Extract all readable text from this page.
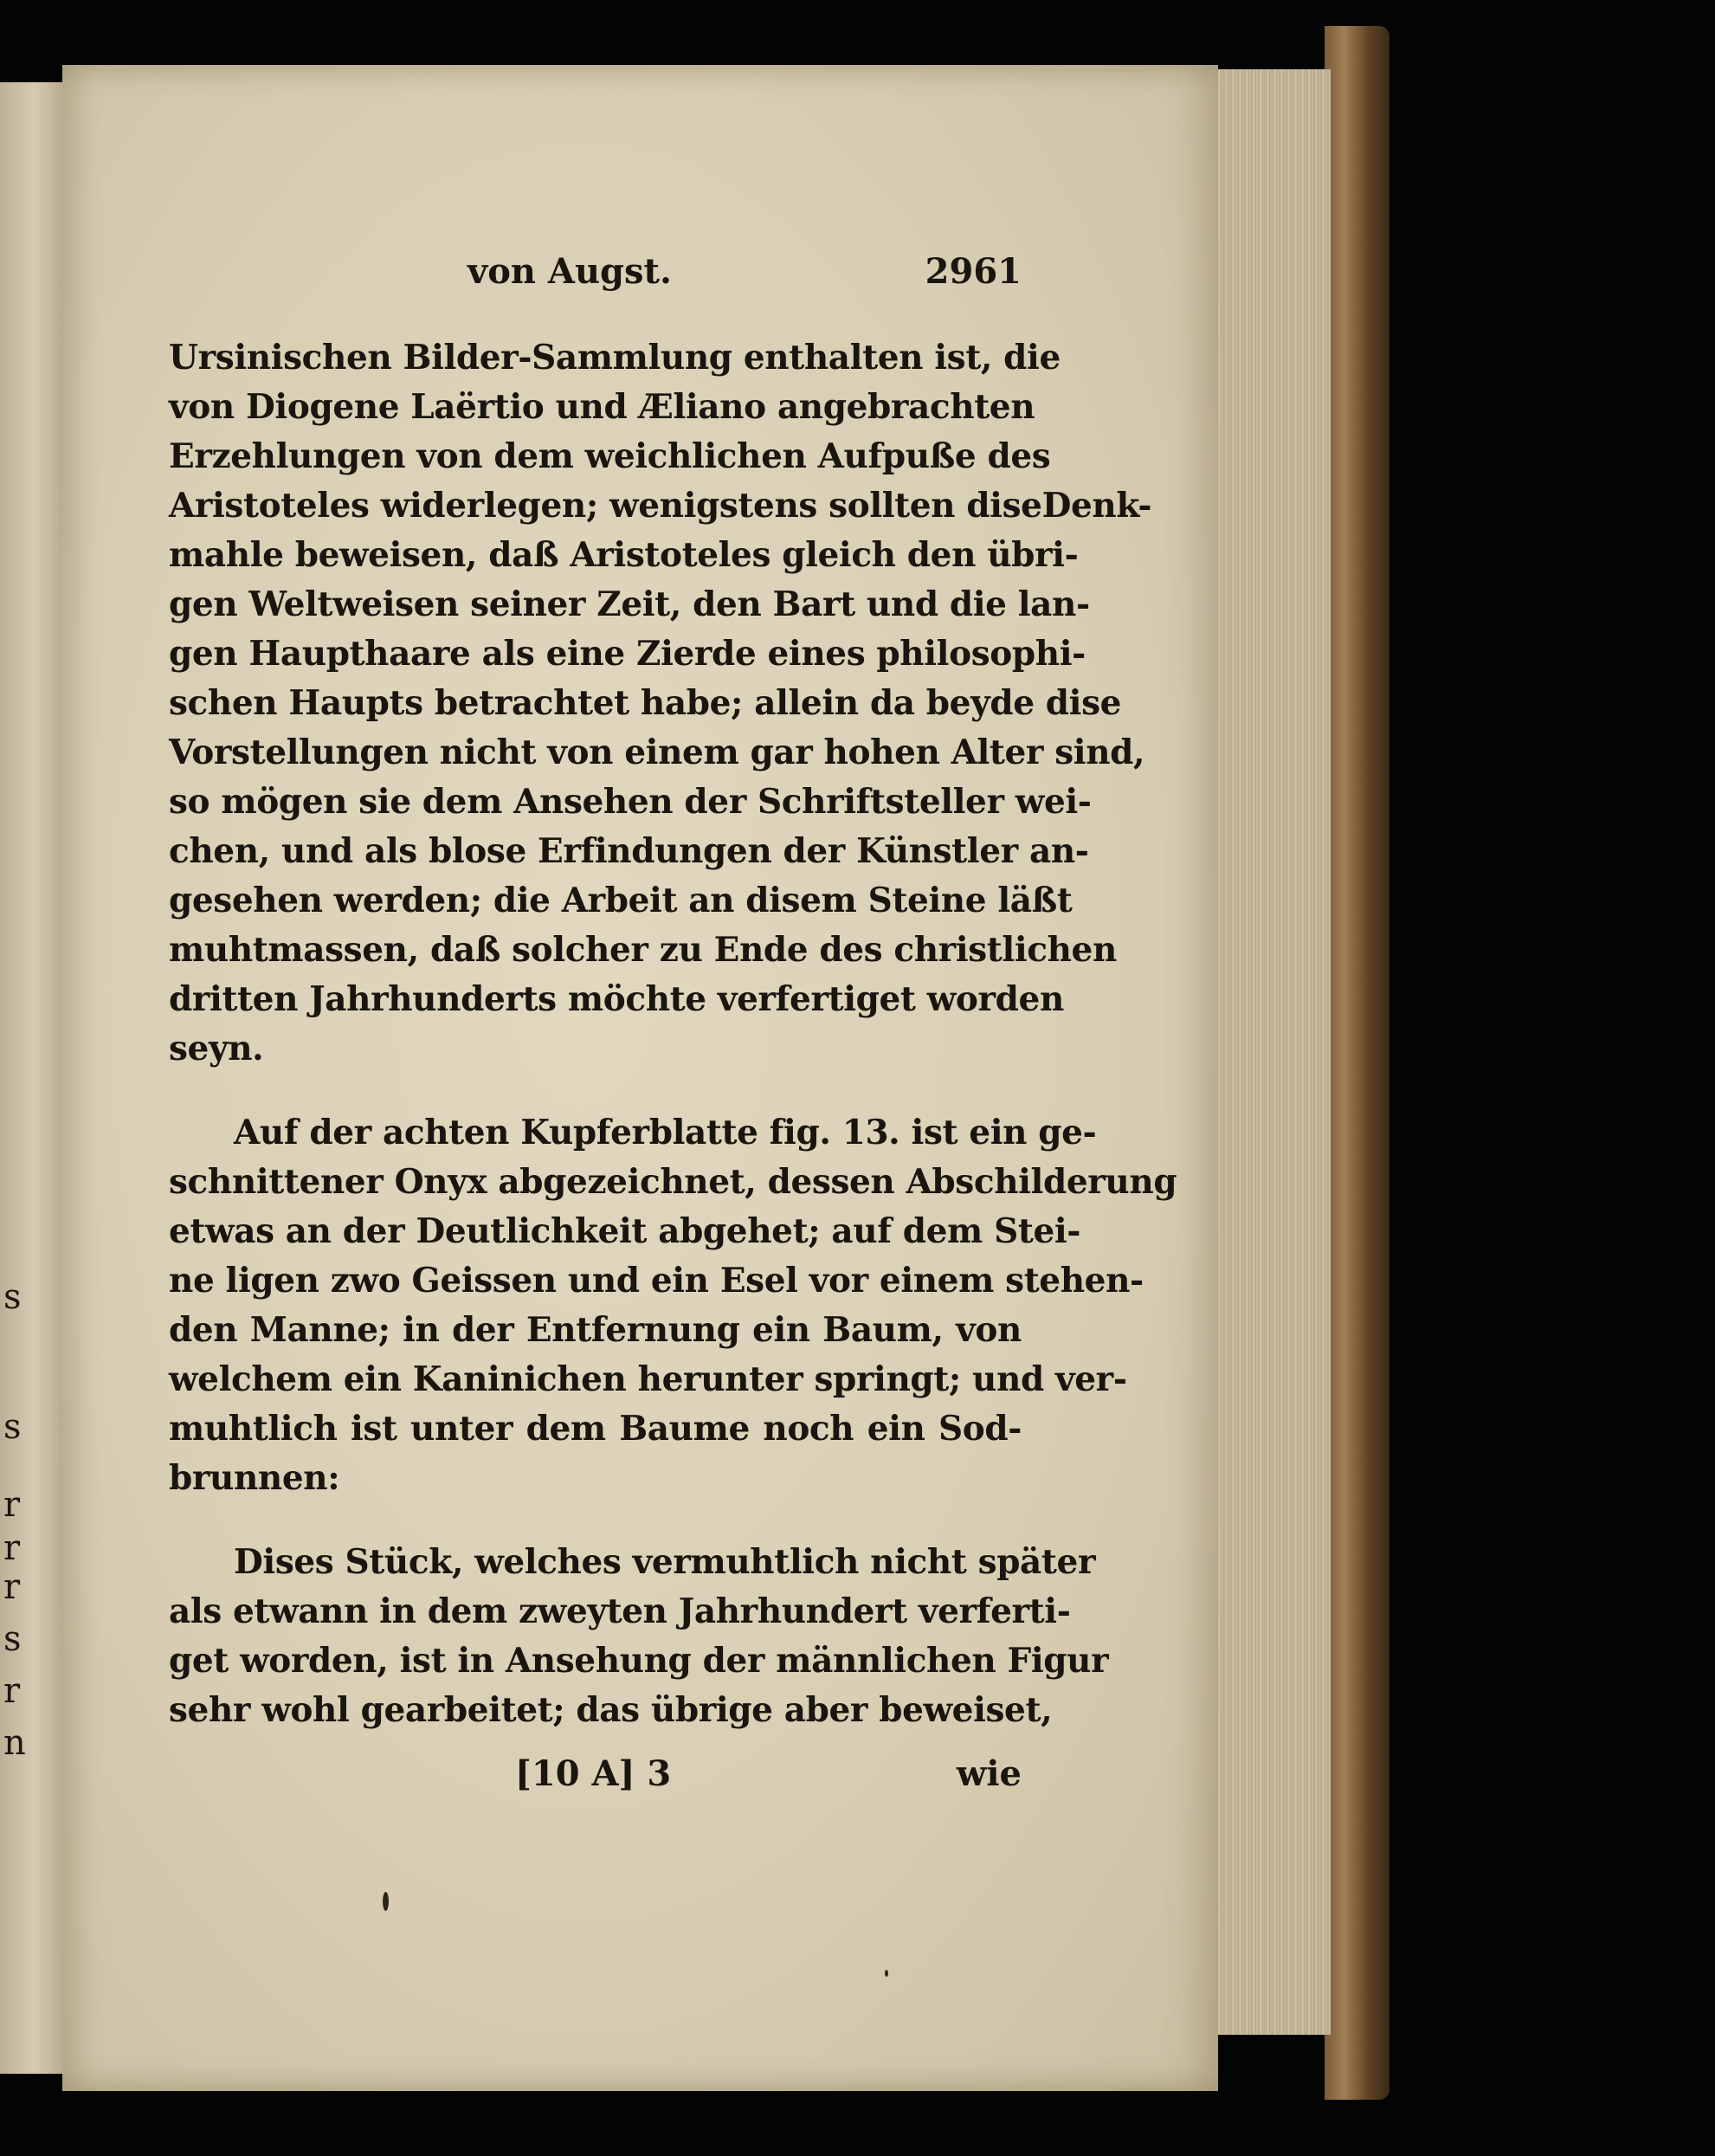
r
s
r
n
s
s
r
r
von Augst.	2961
Ursinischen Bilder-Sammlung enthalten ist, die
von Diogene Laërtio und Æliano angebrachten
Erzehlungen von dem weichlichen Aufpuße des
Aristoteles widerlegen; wenigstens sollten diseDenk-
mahle beweisen, daß Aristoteles gleich den übri-
gen Weltweisen seiner Zeit, den Bart und die lan-
gen Haupthaare als eine Zierde eines philosophi-
schen Haupts betrachtet habe; allein da beyde dise
Vorstellungen nicht von einem gar hohen Alter sind,
so mögen sie dem Ansehen der Schriftsteller wei-
chen, und als blose Erfindungen der Künstler an-
gesehen werden; die Arbeit an disem Steine läßt
muhtmassen, daß solcher zu Ende des christlichen
dritten Jahrhunderts möchte verfertiget worden
seyn.
Auf der achten Kupferblatte fig. 13. ist ein ge-
schnittener Onyx abgezeichnet, dessen Abschilderung
etwas an der Deutlichkeit abgehet; auf dem Stei-
ne ligen zwo Geissen und ein Esel vor einem stehen-
den Manne; in der Entfernung ein Baum, von
welchem ein Kaninichen herunter springt; und ver-
muhtlich ist unter dem Baume noch ein Sod-
brunnen:
Dises Stück, welches vermuhtlich nicht später
als etwann in dem zweyten Jahrhundert verferti-
get worden, ist in Ansehung der männlichen Figur
sehr wohl gearbeitet; das übrige aber beweiset,
[10 A] 3	wie
